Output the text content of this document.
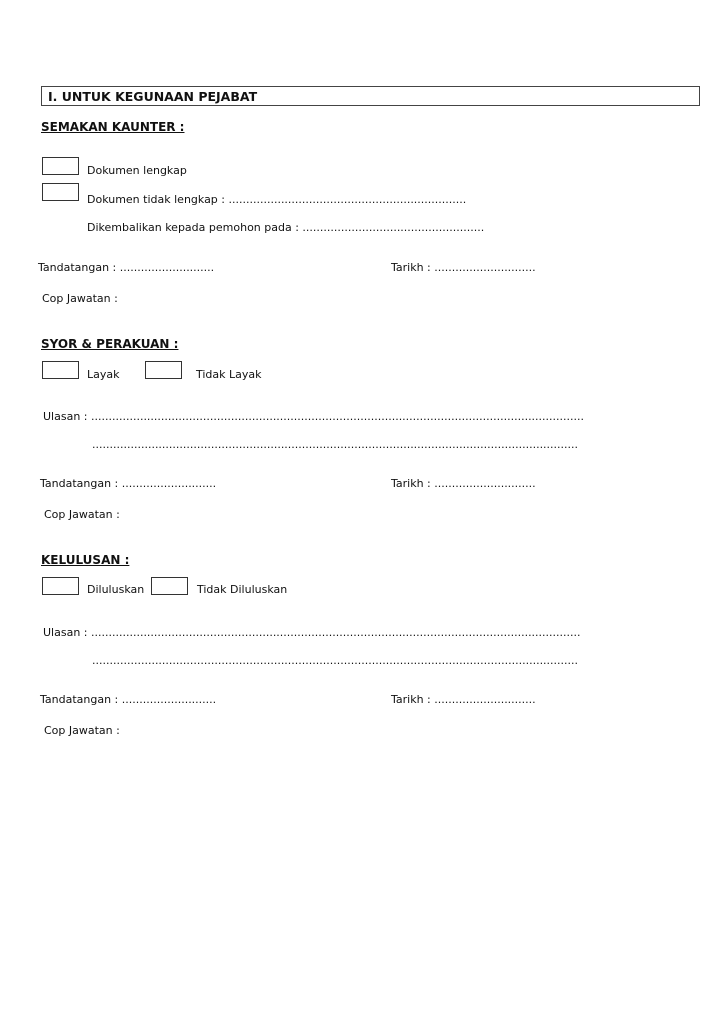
I. UNTUK KEGUNAAN PEJABAT
SEMAKAN KAUNTER :
Dokumen lengkap
Dokumen tidak lengkap : ....................................................................
Dikembalikan kepada pemohon pada : ....................................................
Tandatangan : ...........................	Tarikh : .............................
Cop Jawatan :
SYOR & PERAKUAN :
Layak	Tidak Layak
Ulasan : .............................................................................................................................................
...........................................................................................................................................
Tandatangan : ...........................	Tarikh : .............................
Cop Jawatan :
KELULUSAN :
Diluluskan	Tidak Diluluskan
Ulasan : ............................................................................................................................................
...........................................................................................................................................
Tandatangan : ...........................	Tarikh : .............................
Cop Jawatan :
